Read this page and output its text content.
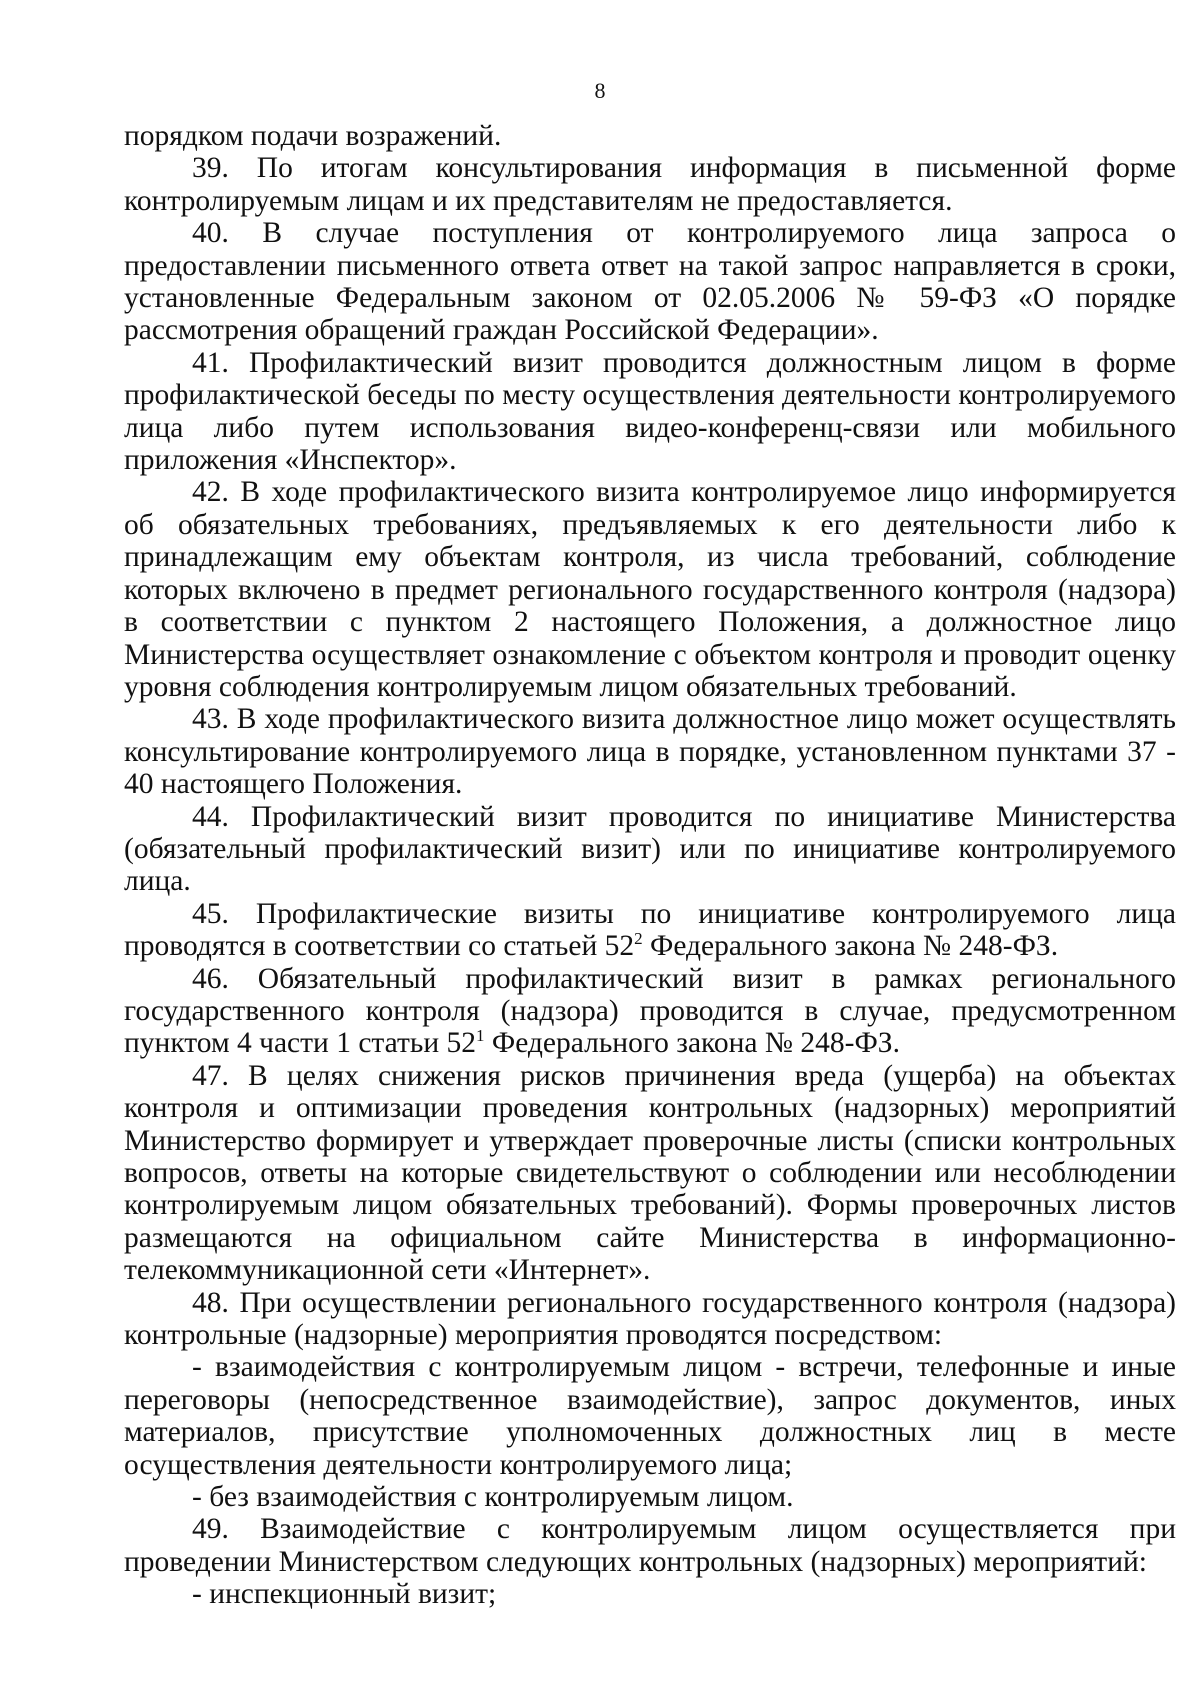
8

порядком подачи возражений.

39. По итогам консультирования информация в письменной форме контролируемым лицам и их представителям не предоставляется.

40. В случае поступления от контролируемого лица запроса о предоставлении письменного ответа ответ на такой запрос направляется в сроки, установленные Федеральным законом от 02.05.2006 № 59-ФЗ «О порядке рассмотрения обращений граждан Российской Федерации».

41. Профилактический визит проводится должностным лицом в форме профилактической беседы по месту осуществления деятельности контролируемого лица либо путем использования видео-конференц-связи или мобильного приложения «Инспектор».

42. В ходе профилактического визита контролируемое лицо информируется об обязательных требованиях, предъявляемых к его деятельности либо к принадлежащим ему объектам контроля, из числа требований, соблюдение которых включено в предмет регионального государственного контроля (надзора) в соответствии с пунктом 2 настоящего Положения, а должностное лицо Министерства осуществляет ознакомление с объектом контроля и проводит оценку уровня соблюдения контролируемым лицом обязательных требований.

43. В ходе профилактического визита должностное лицо может осуществлять консультирование контролируемого лица в порядке, установленном пунктами 37 - 40 настоящего Положения.

44. Профилактический визит проводится по инициативе Министерства (обязательный профилактический визит) или по инициативе контролируемого лица.

45. Профилактические визиты по инициативе контролируемого лица проводятся в соответствии со статьей $52^2$ Федерального закона № 248-ФЗ.

46. Обязательный профилактический визит в рамках регионального государственного контроля (надзора) проводится в случае, предусмотренном пунктом 4 части 1 статьи $52^1$ Федерального закона № 248-ФЗ.

47. В целях снижения рисков причинения вреда (ущерба) на объектах контроля и оптимизации проведения контрольных (надзорных) мероприятий Министерство формирует и утверждает проверочные листы (списки контрольных вопросов, ответы на которые свидетельствуют о соблюдении или несоблюдении контролируемым лицом обязательных требований). Формы проверочных листов размещаются на официальном сайте Министерства в информационно-телекоммуникационной сети «Интернет».

48. При осуществлении регионального государственного контроля (надзора) контрольные (надзорные) мероприятия проводятся посредством:

- взаимодействия с контролируемым лицом - встречи, телефонные и иные переговоры (непосредственное взаимодействие), запрос документов, иных материалов, присутствие уполномоченных должностных лиц в месте осуществления деятельности контролируемого лица;

- без взаимодействия с контролируемым лицом.

49. Взаимодействие с контролируемым лицом осуществляется при проведении Министерством следующих контрольных (надзорных) мероприятий:

- инспекционный визит;
